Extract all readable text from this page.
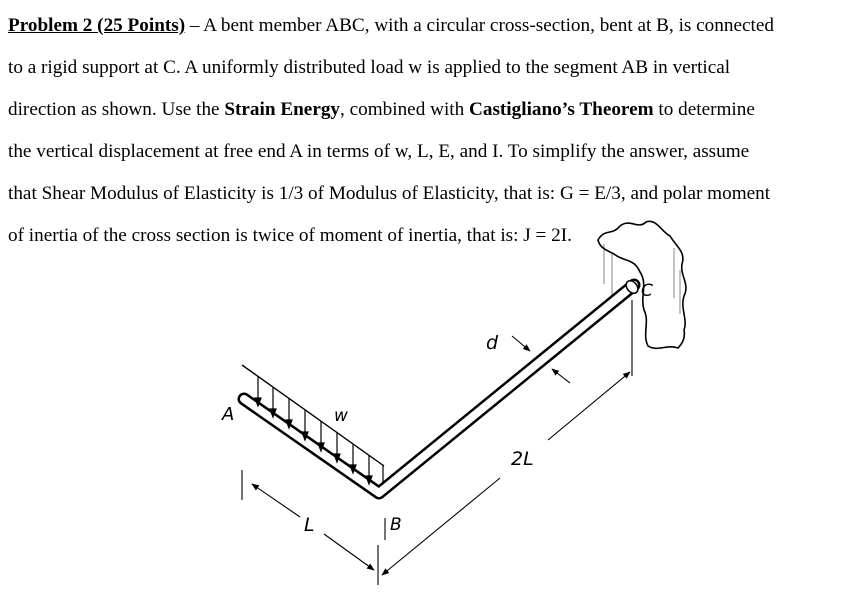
Problem 2 (25 Points) – A bent member ABC, with a circular cross-section, bent at B, is connected

to a rigid support at C. A uniformly distributed load w is applied to the segment AB in vertical

direction as shown. Use the Strain Energy, combined with Castigliano’s Theorem to determine

the vertical displacement at free end A in terms of w, L, E, and I. To simplify the answer, assume

that Shear Modulus of Elasticity is 1/3 of Modulus of Elasticity, that is: G = E/3, and polar moment

of inertia of the cross section is twice of moment of inertia, that is: J = 2I.

A
B
C
w
d
L
2L
